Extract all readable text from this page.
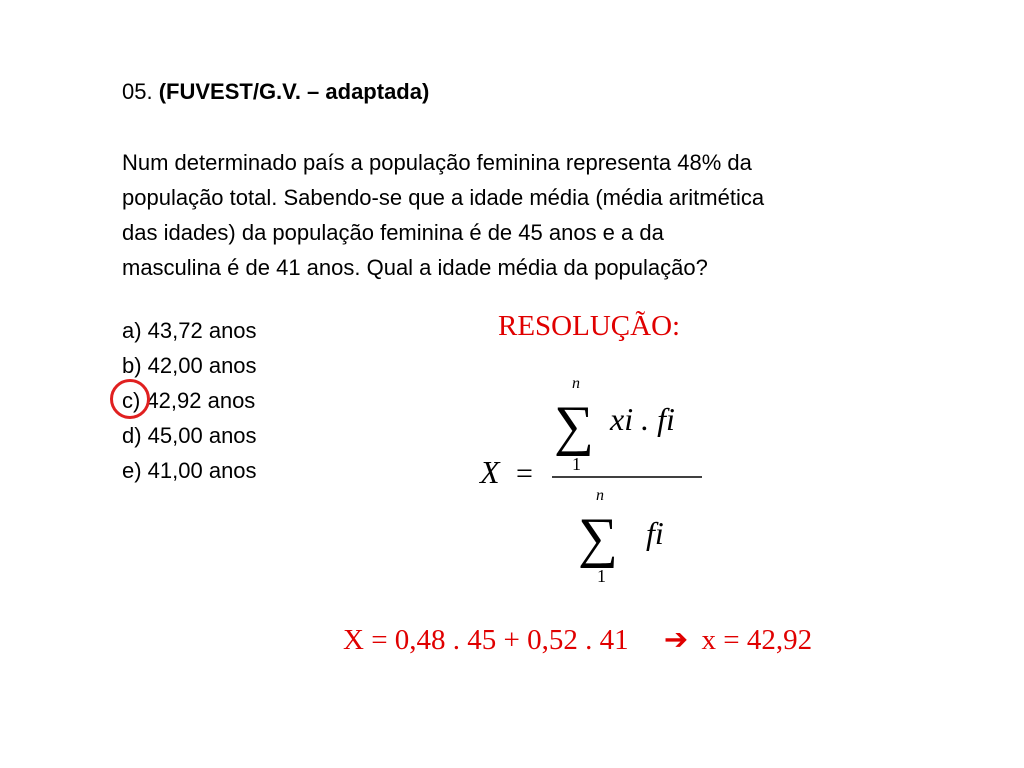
05. (FUVEST/G.V. – adaptada)
Num determinado país a população feminina representa 48% da
população total. Sabendo-se que a idade média (média aritmética
das idades) da população feminina é de 45 anos e a da
masculina é de 41 anos. Qual a idade média da população?
a) 43,72 anos
b) 42,00 anos
c) 42,92 anos
d) 45,00 anos
e) 41,00 anos
RESOLUÇÃO:
X =
n
∑
1
xi . fi
n
∑
1
fi
X = 0,48 . 45 + 0,52 . 41 ➔ x = 42,92
